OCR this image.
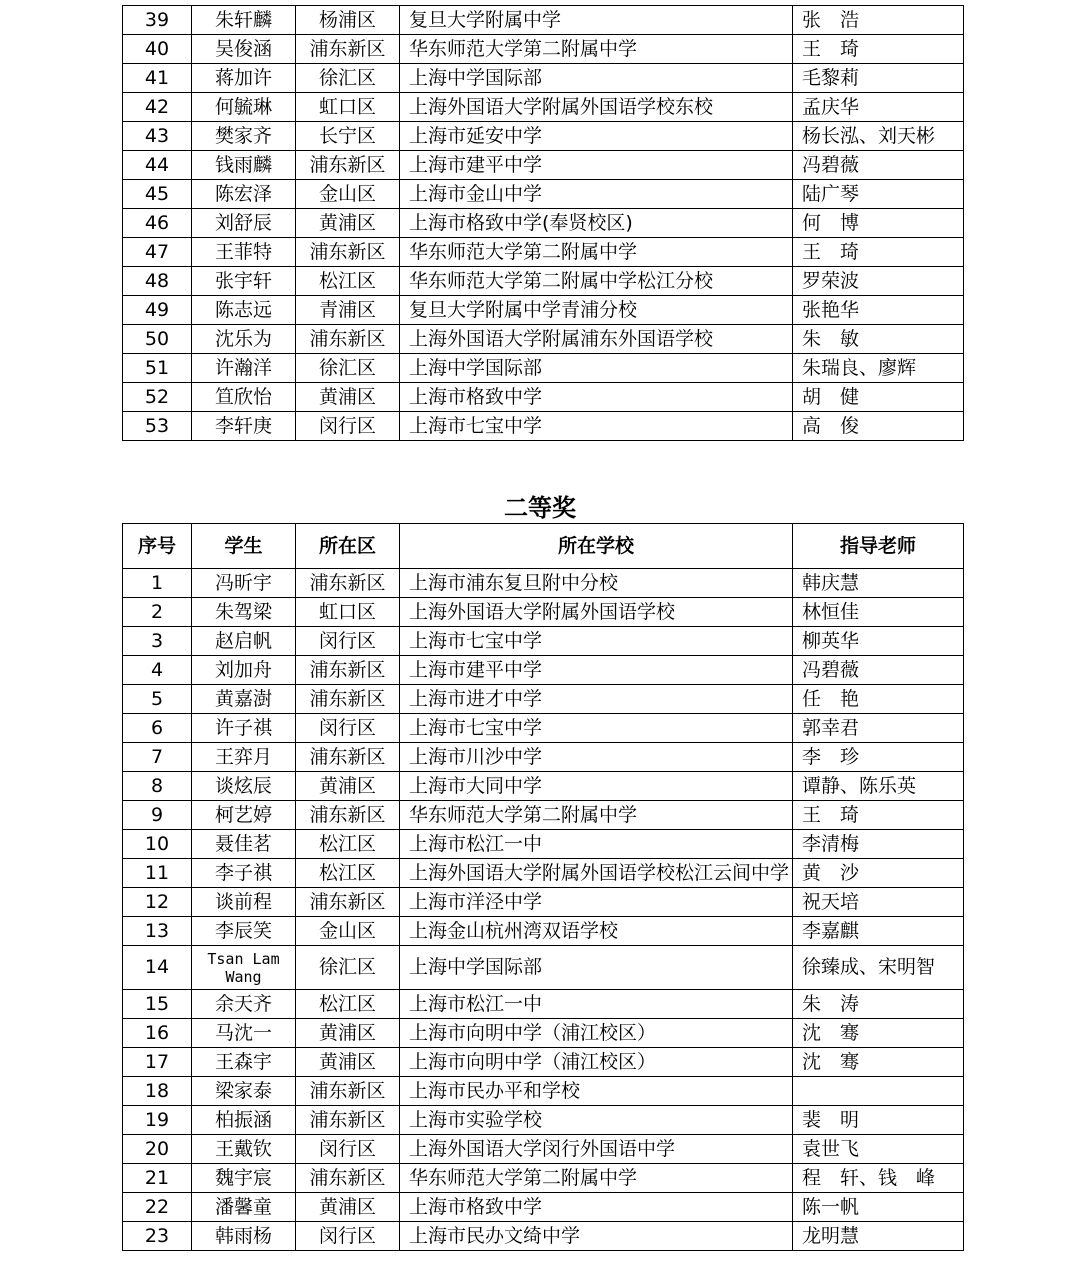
39	朱轩麟	杨浦区	复旦大学附属中学	张　浩
40	吴俊涵	浦东新区	华东师范大学第二附属中学	王　琦
41	蒋加许	徐汇区	上海中学国际部	毛黎莉
42	何毓琳	虹口区	上海外国语大学附属外国语学校东校	孟庆华
43	樊家齐	长宁区	上海市延安中学	杨长泓、刘天彬
44	钱雨麟	浦东新区	上海市建平中学	冯碧薇
45	陈宏泽	金山区	上海市金山中学	陆广琴
46	刘舒辰	黄浦区	上海市格致中学(奉贤校区)	何　博
47	王菲特	浦东新区	华东师范大学第二附属中学	王　琦
48	张宇轩	松江区	华东师范大学第二附属中学松江分校	罗荣波
49	陈志远	青浦区	复旦大学附属中学青浦分校	张艳华
50	沈乐为	浦东新区	上海外国语大学附属浦东外国语学校	朱　敏
51	许瀚洋	徐汇区	上海中学国际部	朱瑞良、廖辉
52	笪欣怡	黄浦区	上海市格致中学	胡　健
53	李轩庚	闵行区	上海市七宝中学	高　俊
二等奖
序号	学生	所在区	所在学校	指导老师
1	冯昕宇	浦东新区	上海市浦东复旦附中分校	韩庆慧
2	朱驾梁	虹口区	上海外国语大学附属外国语学校	林恒佳
3	赵启帆	闵行区	上海市七宝中学	柳英华
4	刘加舟	浦东新区	上海市建平中学	冯碧薇
5	黄嘉澍	浦东新区	上海市进才中学	任　艳
6	许子祺	闵行区	上海市七宝中学	郭幸君
7	王弈月	浦东新区	上海市川沙中学	李　珍
8	谈炫辰	黄浦区	上海市大同中学	谭静、陈乐英
9	柯艺婷	浦东新区	华东师范大学第二附属中学	王　琦
10	聂佳茗	松江区	上海市松江一中	李清梅
11	李子祺	松江区	上海外国语大学附属外国语学校松江云间中学	黄　沙
12	谈前程	浦东新区	上海市洋泾中学	祝天培
13	李辰笑	金山区	上海金山杭州湾双语学校	李嘉麒
14	Tsan Lam Wang	徐汇区	上海中学国际部	徐臻成、宋明智
15	余天齐	松江区	上海市松江一中	朱　涛
16	马沈一	黄浦区	上海市向明中学（浦江校区）	沈　骞
17	王森宇	黄浦区	上海市向明中学（浦江校区）	沈　骞
18	梁家泰	浦东新区	上海市民办平和学校	
19	柏振涵	浦东新区	上海市实验学校	裴　明
20	王戴钦	闵行区	上海外国语大学闵行外国语中学	袁世飞
21	魏宇宸	浦东新区	华东师范大学第二附属中学	程　轩、钱　峰
22	潘馨童	黄浦区	上海市格致中学	陈一帆
23	韩雨杨	闵行区	上海市民办文绮中学	龙明慧
